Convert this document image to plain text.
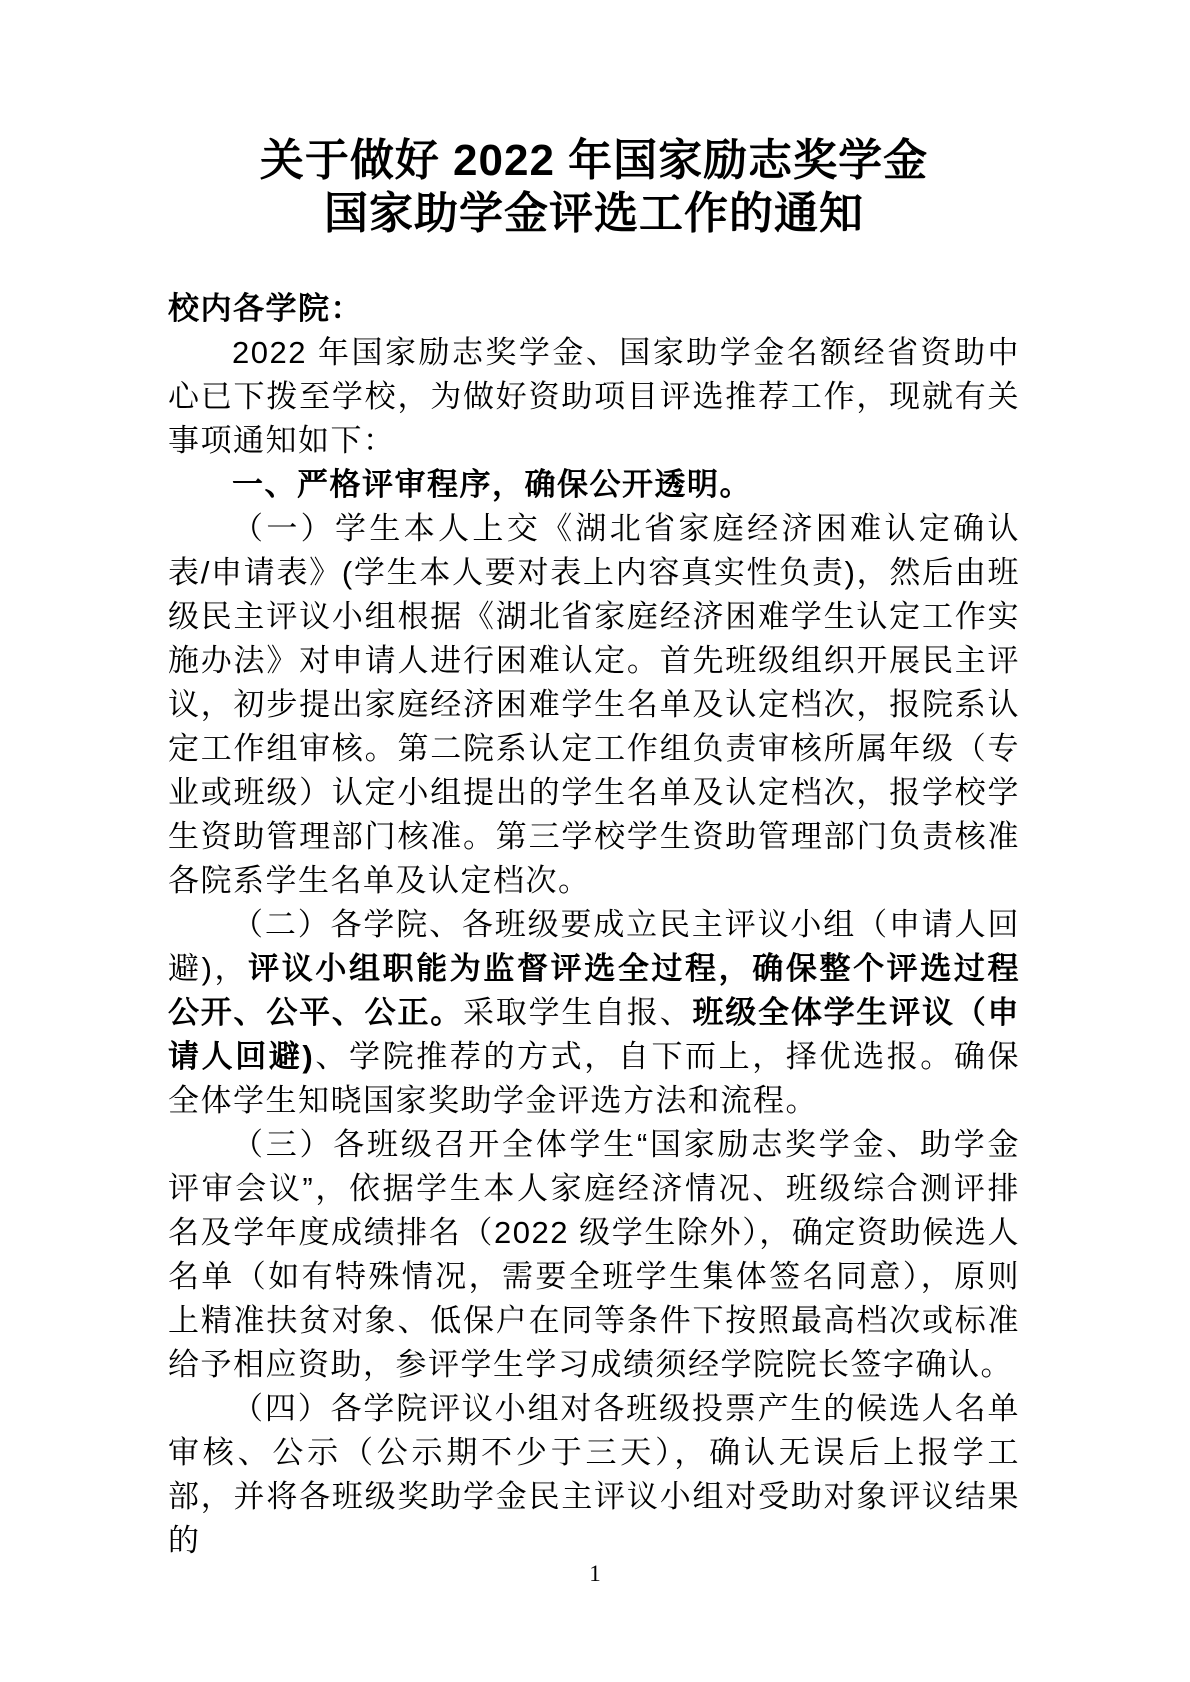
关于做好 2022 年国家励志奖学金
国家助学金评选工作的通知

校内各学院：

2022 年国家励志奖学金、国家助学金名额经省资助中心已下拨至学校，为做好资助项目评选推荐工作，现就有关事项通知如下：

一、严格评审程序，确保公开透明。

（一）学生本人上交《湖北省家庭经济困难认定确认表/申请表》(学生本人要对表上内容真实性负责)，然后由班级民主评议小组根据《湖北省家庭经济困难学生认定工作实施办法》对申请人进行困难认定。首先班级组织开展民主评议，初步提出家庭经济困难学生名单及认定档次，报院系认定工作组审核。第二院系认定工作组负责审核所属年级（专业或班级）认定小组提出的学生名单及认定档次，报学校学生资助管理部门核准。第三学校学生资助管理部门负责核准各院系学生名单及认定档次。

（二）各学院、各班级要成立民主评议小组（申请人回避)，评议小组职能为监督评选全过程，确保整个评选过程公开、公平、公正。采取学生自报、班级全体学生评议（申请人回避)、学院推荐的方式，自下而上，择优选报。确保全体学生知晓国家奖助学金评选方法和流程。

（三）各班级召开全体学生“国家励志奖学金、助学金评审会议”，依据学生本人家庭经济情况、班级综合测评排名及学年度成绩排名（2022 级学生除外），确定资助候选人名单（如有特殊情况，需要全班学生集体签名同意），原则上精准扶贫对象、低保户在同等条件下按照最高档次或标准给予相应资助，参评学生学习成绩须经学院院长签字确认。

（四）各学院评议小组对各班级投票产生的候选人名单审核、公示（公示期不少于三天），确认无误后上报学工部，并将各班级奖助学金民主评议小组对受助对象评议结果的

1
